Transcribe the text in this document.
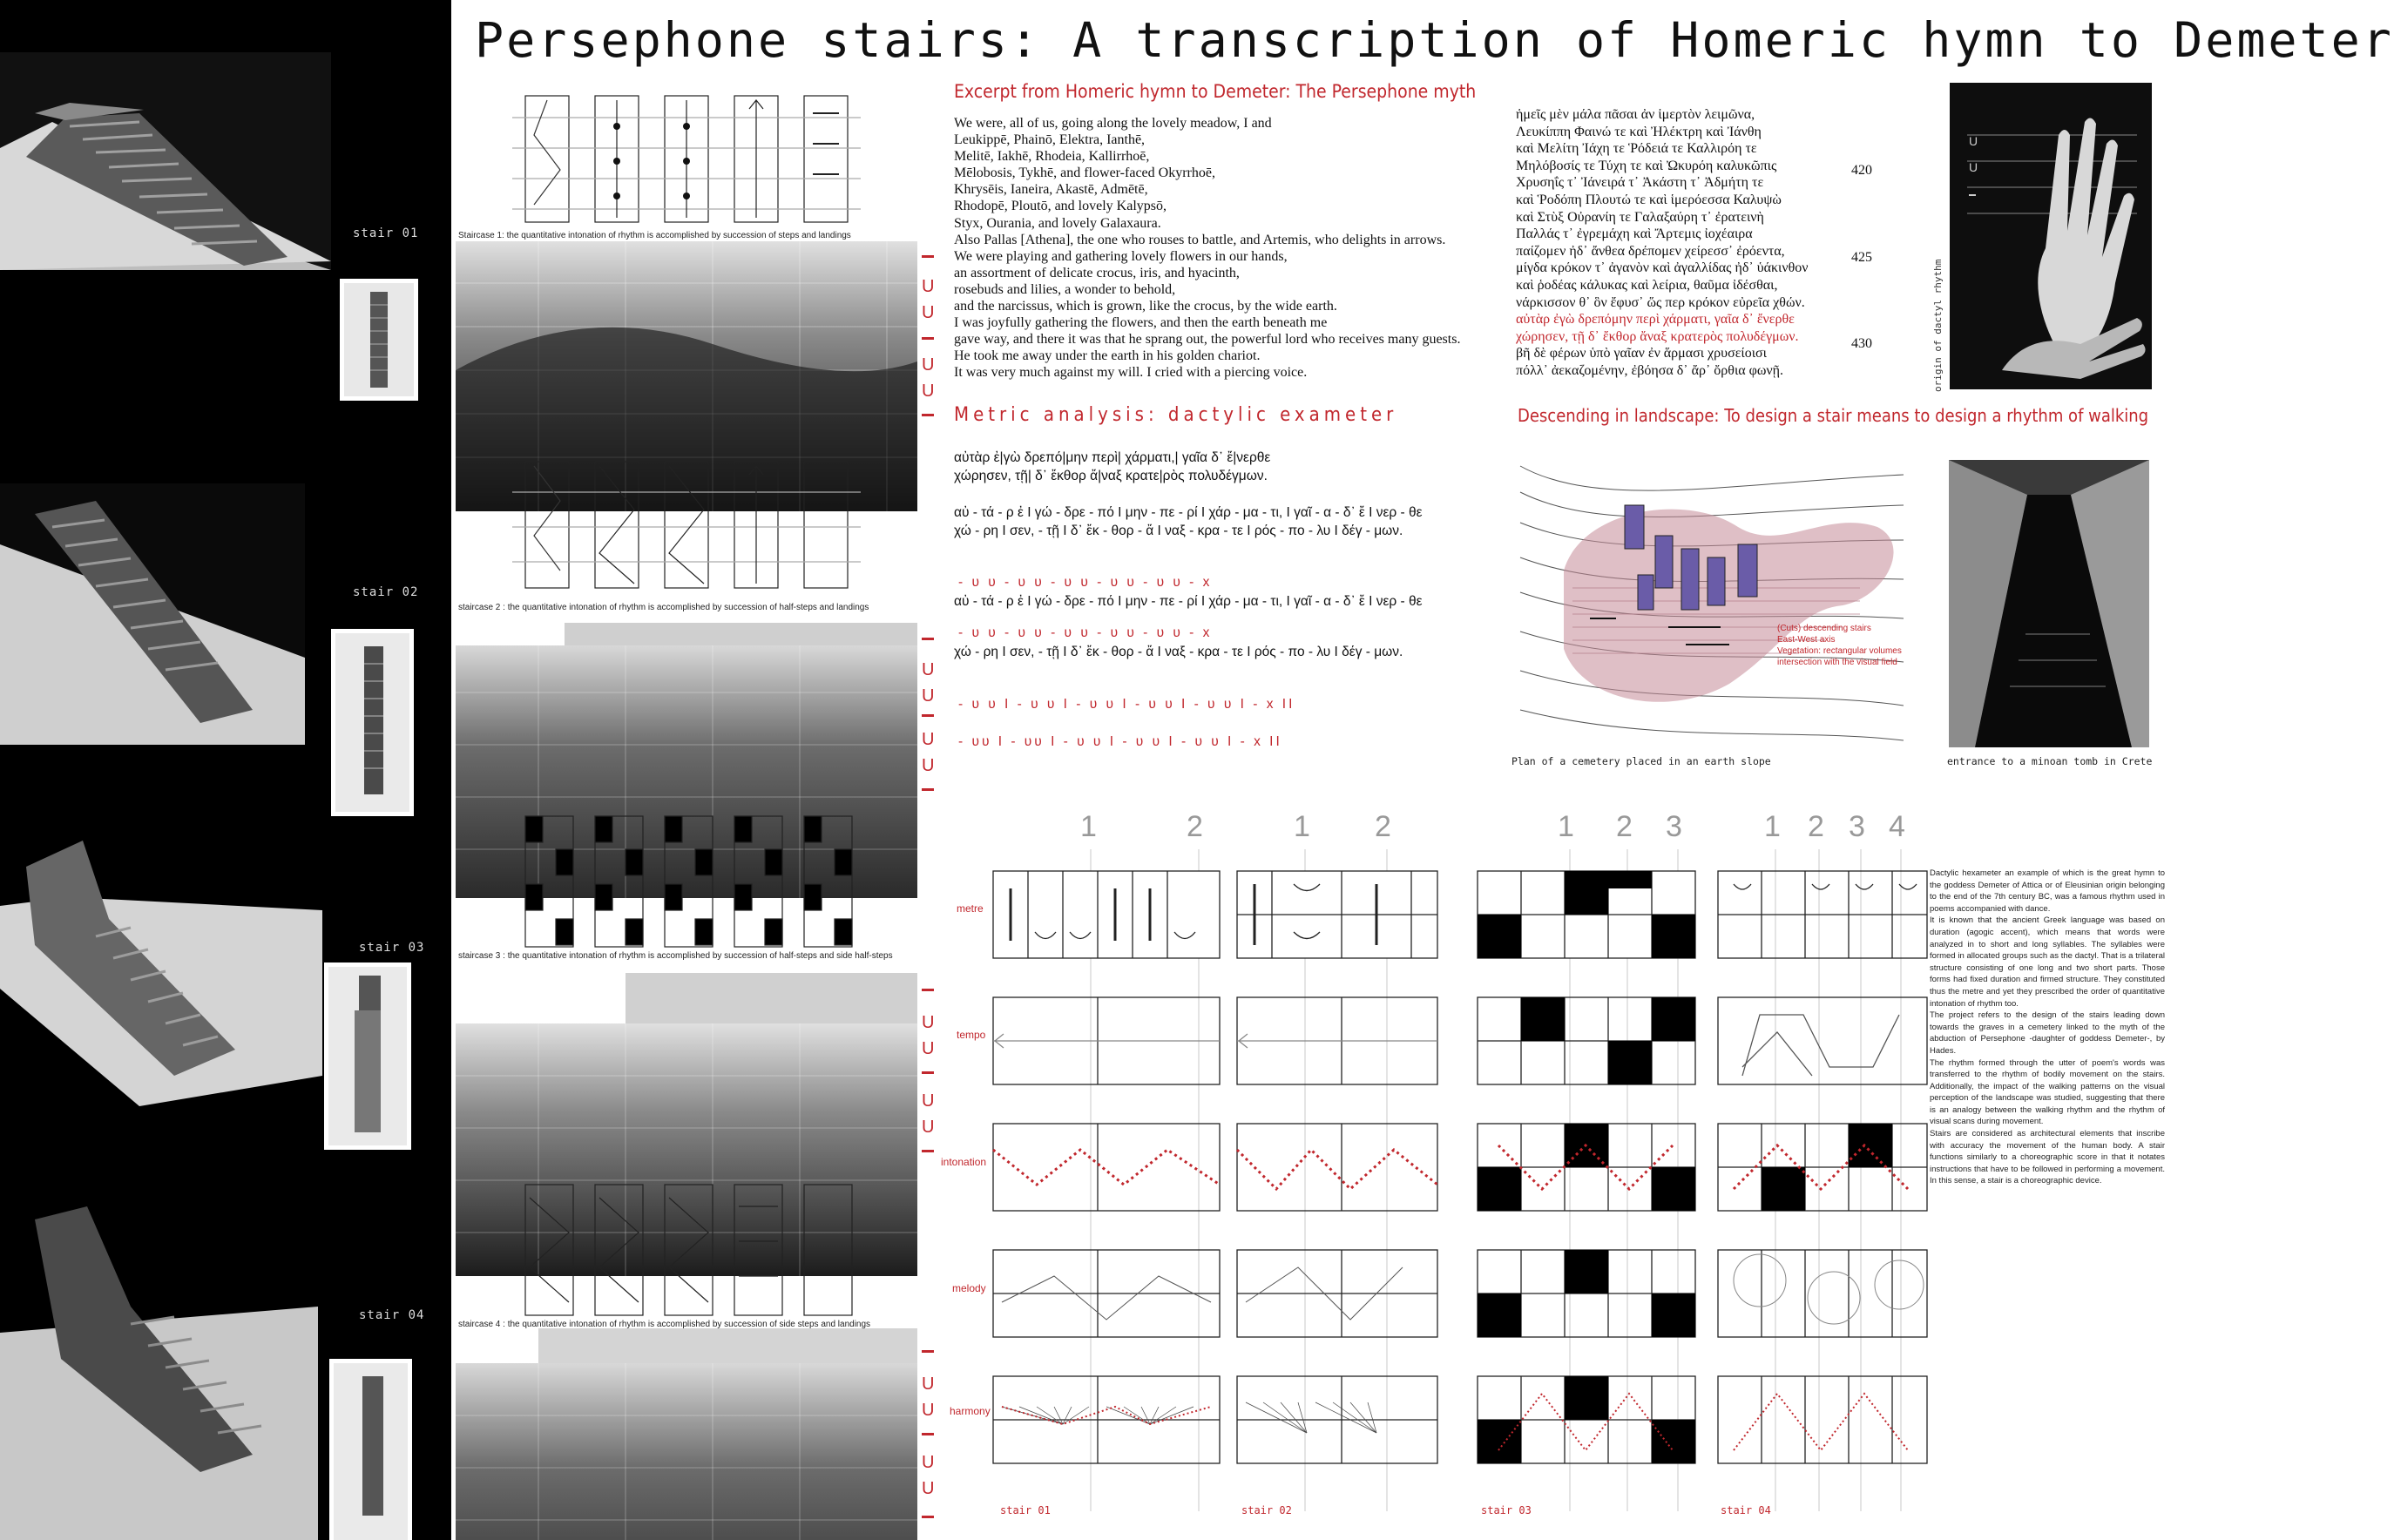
stair 01
stair 02
stair 03
stair 04
Persephone stairs: A transcription of Homeric hymn to Demeter
U
U
U
U
U
U
U
U
U
U
U
U
U
U
U
U
Staircase 1: the quantitative intonation of rhythm is accomplished by succession of steps and landings
staircase 2 : the quantitative intonation of rhythm is accomplished by succession of half-steps and landings
staircase 3 : the quantitative intonation of rhythm is accomplished by succession of half-steps and side half-steps
staircase 4 : the quantitative intonation of rhythm is accomplished by succession of side steps and landings
Excerpt from Homeric hymn to Demeter: The Persephone myth
We were, all of us, going along the lovely meadow, I and
Leukippē, Phainō, Elektra, Ianthē,
Melitē, Iakhē, Rhodeia, Kallirrhoē,
Mēlobosis, Tykhē, and flower-faced Okyrrhoē,
Khrysēis, Ianeira, Akastē, Admētē,
Rhodopē, Ploutō, and lovely Kalypsō,
Styx, Ourania, and lovely Galaxaura.
Also Pallas [Athena], the one who rouses to battle, and Artemis, who delights in arrows.
We were playing and gathering lovely flowers in our hands,
an assortment of delicate crocus, iris, and hyacinth,
rosebuds and lilies, a wonder to behold,
and the narcissus, which is grown, like the crocus, by the wide earth.
I was joyfully gathering the flowers, and then the earth beneath me
gave way, and there it was that he sprang out, the powerful lord who receives many guests.
He took me away under the earth in his golden chariot.
It was very much against my will. I cried with a piercing voice.
ἡμεῖς μὲν μάλα πᾶσαι ἀν ἱμερτὸν λειμῶνα,
Λευκίππη Φαινώ τε καὶ Ἠλέκτρη καὶ Ἰάνθη
καὶ Μελίτη Ἰάχη τε Ῥόδειά τε Καλλιρόη τε
Μηλόβοσίς τε Τύχη τε καὶ Ὠκυρόη καλυκῶπις
Χρυσηΐς τ᾽ Ἰάνειρά τ᾽ Ἀκάστη τ᾽ Ἀδμήτη τε
καὶ Ῥοδόπη Πλουτώ τε καὶ ἱμερόεσσα Καλυψὼ
καὶ Στὺξ Οὐρανίη τε Γαλαξαύρη τ᾽ ἐρατεινὴ
Παλλάς τ᾽ ἐγρεμάχη καὶ Ἄρτεμις ἰοχέαιρα
παίζομεν ἠδ᾽ ἄνθεα δρέπομεν χείρεσσ᾽ ἐρόεντα,
μίγδα κρόκον τ᾽ ἀγανὸν καὶ ἀγαλλίδας ἠδ᾽ ὑάκινθον
καὶ ῥοδέας κάλυκας καὶ λείρια, θαῦμα ἰδέσθαι,
νάρκισσον θ᾽ ὃν ἔφυσ᾽ ὥς περ κρόκον εὐρεῖα χθών.
αὐτὰρ ἐγὼ δρεπόμην περὶ χάρματι, γαῖα δ᾽ ἔνερθε
χώρησεν, τῇ δ᾽ ἔκθορ ἄναξ κρατερὸς πολυδέγμων.
βῆ δὲ φέρων ὑπὸ γαῖαν ἐν ἅρμασι χρυσείοισι
πόλλ᾽ ἀεκαζομένην, ἐβόησα δ᾽ ἄρ᾽ ὄρθια φωνῇ.
420
425
430
U
U
origin of dactyl rhythm
Metric analysis: dactylic exameter
αὐτὰρ ἐ|γὼ δρεπό|μην περὶ| χάρματι,| γαῖα δ᾽ ἔ|νερθε
χώρησεν, τῇ| δ᾽ ἔκθορ ἄ|ναξ κρατε|ρὸς πολυδέγμων.
αὐ - τά - ρ ἐ I γώ - δρε - πό I μην - πε - ρί I χάρ - μα - τι, I γαῖ - α - δ᾽ ἔ I νερ - θε
χώ - ρη I σεν, - τῇ I δ᾽ ἔκ - θορ - ἄ I ναξ - κρα - τε I ρός - πο - λυ I δέγ - μων.
- υ υ - υ υ - υ υ - υ υ - υ υ - x
αὐ - τά - ρ ἐ I γώ - δρε - πό I μην - πε - ρί I χάρ - μα - τι, I γαῖ - α - δ᾽ ἔ I νερ - θε
- υ υ - υ υ - υ υ - υ υ - υ υ - x
χώ - ρη I σεν, - τῇ I δ᾽ ἔκ - θορ - ἄ I ναξ - κρα - τε I ρός - πο - λυ I δέγ - μων.
- υ υ I - υ υ I - υ υ I - υ υ I - υ υ I - x II
- υυ I - υυ I - υ υ I - υ υ I - υ υ I - x II
Descending in landscape: To design a stair means to design a rhythm of walking
(Cuts) descending stairs
East-West axis
Vegetation: rectangular volumes
intersection with the visual field
Plan of a cemetery placed in an earth slope	entrance to a minoan tomb in Crete
1	2	1 2	1 2 3	1 2 3 4
metre
tempo
intonation
melody
harmony
stair 01	stair 02	stair 03	stair 04

Dactylic hexameter an example of which is the great hymn to the goddess Demeter of Attica or of Eleusinian origin belonging to the end of the 7th century BC, was a famous rhythm used in poems accompanied with dance.

It is known that the ancient Greek language was based on duration (agogic accent), which means that words were analyzed in to short and long syllables. The syllables were formed in allocated groups such as the dactyl. That is a trilateral structure consisting of one long and two short parts. Those forms had fixed duration and firmed structure. They constituted thus the metre and yet they prescribed the order of quantitative intonation of rhythm too.

The project refers to the design of the stairs leading down towards the graves in a cemetery linked to the myth of the abduction of Persephone -daughter of goddess Demeter-, by Hades.

The rhythm formed through the utter of poem's words was transferred to the rhythm of bodily movement on the stairs. Additionally, the impact of the walking patterns on the visual perception of the landscape was studied, suggesting that there is an analogy between the walking rhythm and the rhythm of visual scans during movement.

Stairs are considered as architectural elements that inscribe with accuracy the movement of the human body. A stair functions similarly to a choreographic score in that it notates instructions that have to be followed in performing a movement. In this sense, a stair is a choreographic device.
